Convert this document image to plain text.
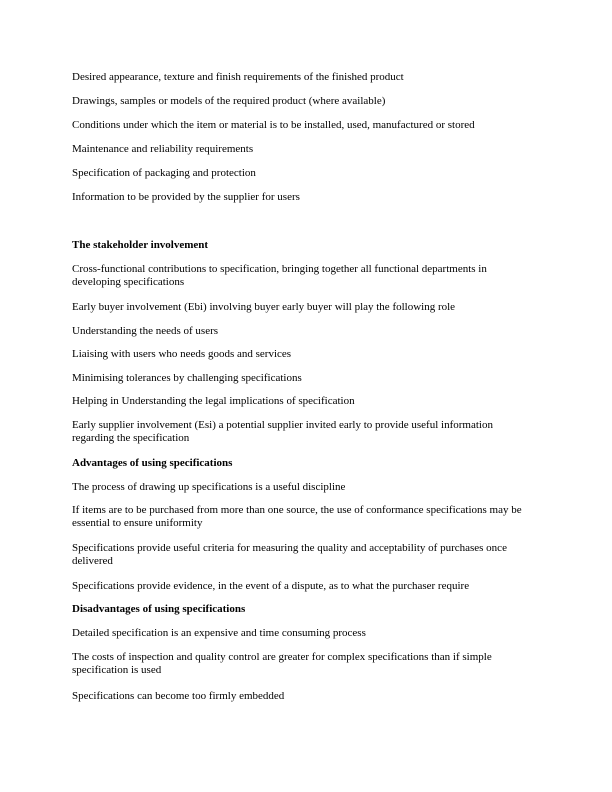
Desired appearance, texture and finish requirements of the finished product

Drawings, samples or models of the required product (where available)

Conditions under which the item or material is to be installed, used, manufactured or stored

Maintenance and reliability requirements

Specification of packaging and protection

Information to be provided by the supplier for users

The stakeholder involvement

Cross-functional contributions to specification, bringing together all functional departments in developing specifications

Early buyer involvement (Ebi) involving buyer early buyer will play the following role

Understanding the needs of users

Liaising with users who needs goods and services

Minimising tolerances by challenging specifications

Helping in Understanding the legal implications of specification

Early supplier involvement (Esi) a potential supplier invited early to provide useful information regarding the specification

Advantages of using specifications

The process of drawing up specifications is a useful discipline

If items are to be purchased from more than one source, the use of conformance specifications may be essential to ensure uniformity

Specifications provide useful criteria for measuring the quality and acceptability of purchases once delivered

Specifications provide evidence, in the event of a dispute, as to what the purchaser require

Disadvantages of using specifications

Detailed specification is an expensive and time consuming process

The costs of inspection and quality control are greater for complex specifications than if simple specification is used

Specifications can become too firmly embedded
